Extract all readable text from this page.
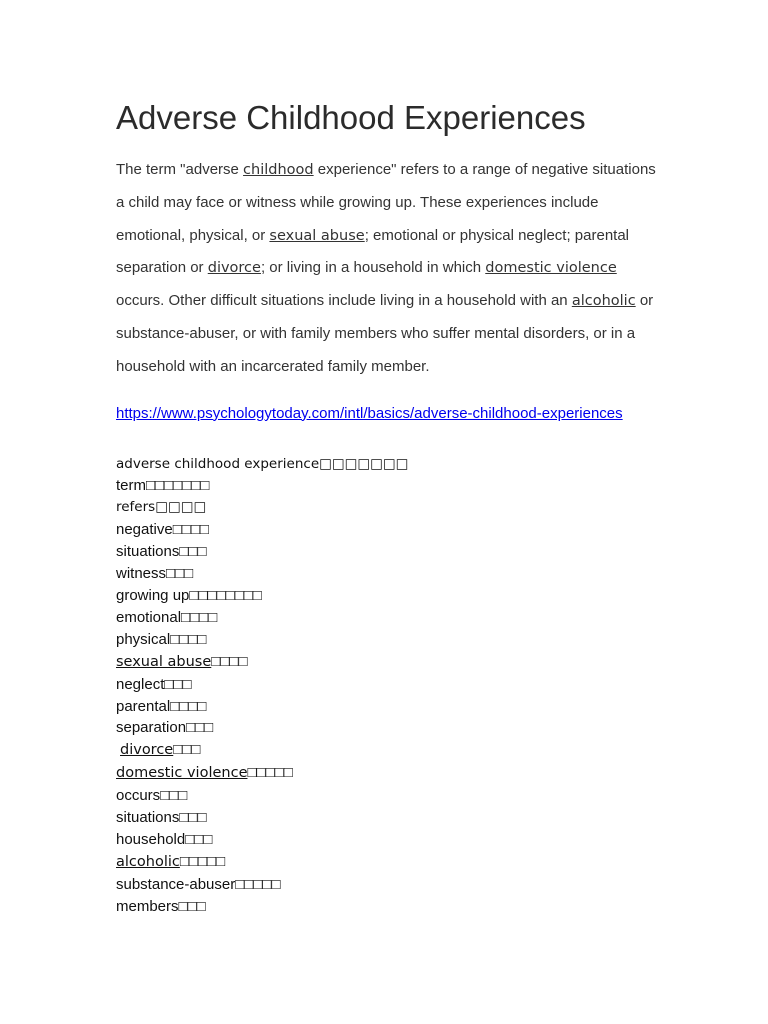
Adverse Childhood Experiences

The term "adverse childhood experience" refers to a range of negative situations a child may face or witness while growing up. These experiences include emotional, physical, or sexual abuse; emotional or physical neglect; parental separation or divorce; or living in a household in which domestic violence occurs. Other difficult situations include living in a household with an alcoholic or substance-abuser, or with family members who suffer mental disorders, or in a household with an incarcerated family member.

https://www.psychologytoday.com/intl/basics/adverse-childhood-experiences
adverse childhood experience□□□□□□□
term□□□□□□□
refers□□□□
negative□□□□
situations□□□
witness□□□
growing up□□□□□□□□
emotional□□□□
physical□□□□
sexual abuse□□□□
neglect□□□
parental□□□□
separation□□□
divorce□□□
domestic violence□□□□□
occurs□□□
situations□□□
household□□□
alcoholic□□□□□
substance-abuser□□□□□
members□□□
